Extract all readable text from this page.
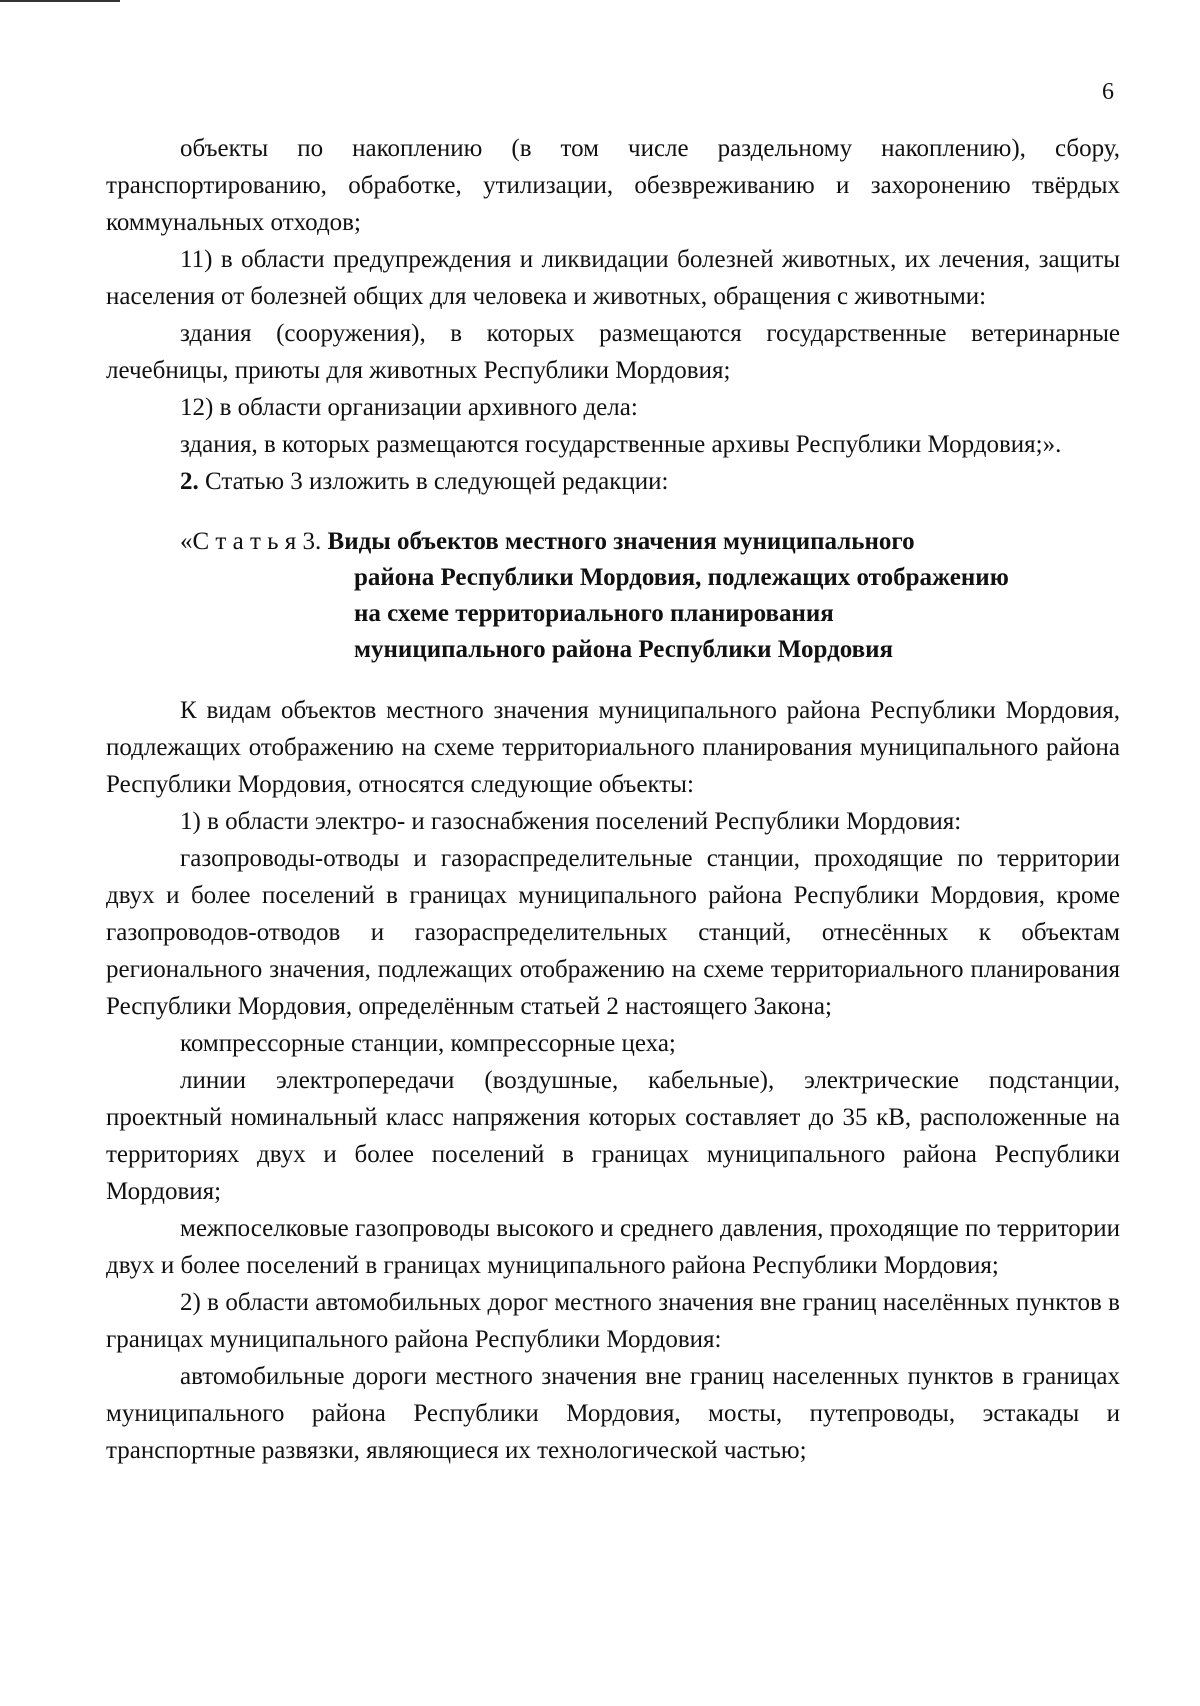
6

объекты по накоплению (в том числе раздельному накоплению), сбору, транспортированию, обработке, утилизации, обезвреживанию и захоронению твёрдых коммунальных отходов;

11) в области предупреждения и ликвидации болезней животных, их лечения, защиты населения от болезней общих для человека и животных, обращения с животными:

здания (сооружения), в которых размещаются государственные ветеринарные лечебницы, приюты для животных Республики Мордовия;

12) в области организации архивного дела:

здания, в которых размещаются государственные архивы Республики Мордовия;».

2. Статью 3 изложить в следующей редакции:

«С т а т ь я 3. Виды объектов местного значения муниципального
района Республики Мордовия, подлежащих отображению
на схеме территориального планирования
муниципального района Республики Мордовия

К видам объектов местного значения муниципального района Республики Мордовия, подлежащих отображению на схеме территориального планирования муниципального района Республики Мордовия, относятся следующие объекты:

1) в области электро- и газоснабжения поселений Республики Мордовия:

газопроводы-отводы и газораспределительные станции, проходящие по территории двух и более поселений в границах муниципального района Республики Мордовия, кроме газопроводов-отводов и газораспределительных станций, отнесённых к объектам регионального значения, подлежащих отображению на схеме территориального планирования Республики Мордовия, определённым статьей 2 настоящего Закона;

компрессорные станции, компрессорные цеха;

линии электропередачи (воздушные, кабельные), электрические подстанции, проектный номинальный класс напряжения которых составляет до 35 кВ, расположенные на территориях двух и более поселений в границах муниципального района Республики Мордовия;

межпоселковые газопроводы высокого и среднего давления, проходящие по территории двух и более поселений в границах муниципального района Республики Мордовия;

2) в области автомобильных дорог местного значения вне границ населённых пунктов в границах муниципального района Республики Мордовия:

автомобильные дороги местного значения вне границ населенных пунктов в границах муниципального района Республики Мордовия, мосты, путепроводы, эстакады и транспортные развязки, являющиеся их технологической частью;
